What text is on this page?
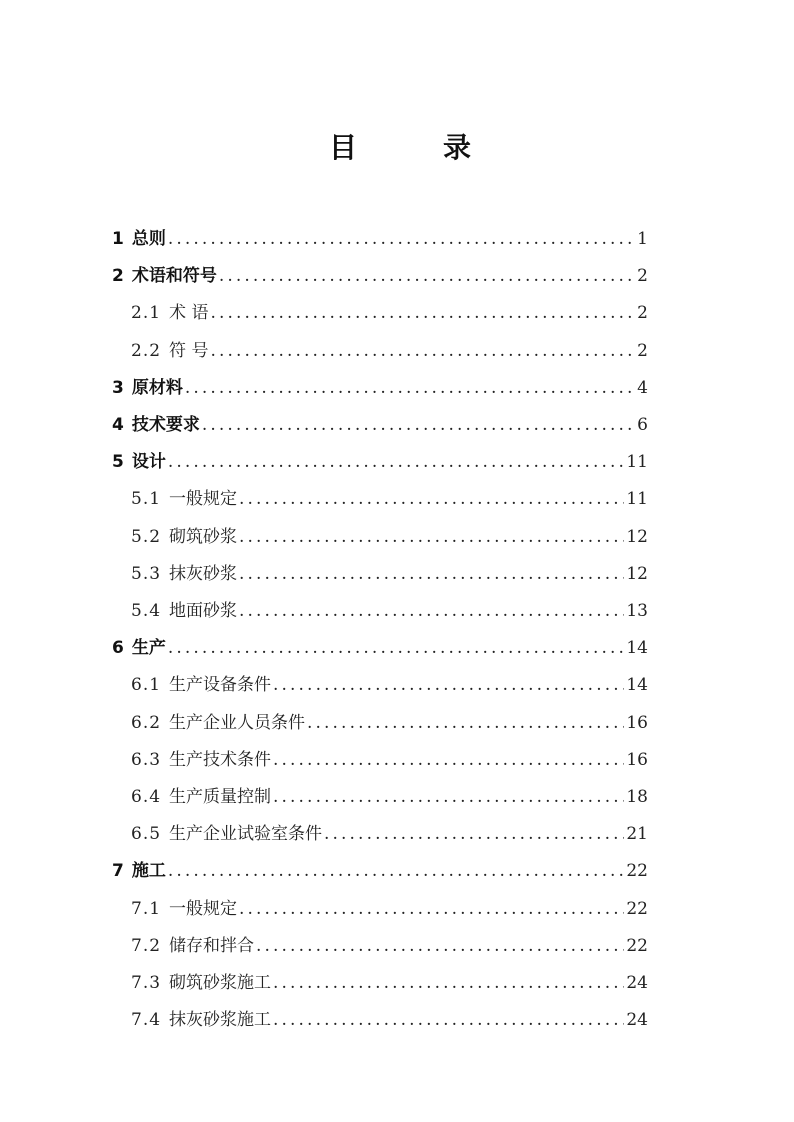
目	录
1 总则 .....	1
2 术语和符号 .....	2
2.1 术 语 .....	2
2.2 符 号 .....	2
3 原材料 .....	4
4 技术要求 .....	6
5 设计 .....	11
5.1 一般规定 .....	11
5.2 砌筑砂浆 .....	12
5.3 抹灰砂浆 .....	12
5.4 地面砂浆 .....	13
6 生产 .....	14
6.1 生产设备条件 .....	14
6.2 生产企业人员条件 .....	16
6.3 生产技术条件 .....	16
6.4 生产质量控制 .....	18
6.5 生产企业试验室条件 .....	21
7 施工 .....	22
7.1 一般规定 .....	22
7.2 储存和拌合 .....	22
7.3 砌筑砂浆施工 .....	24
7.4 抹灰砂浆施工 .....	24
